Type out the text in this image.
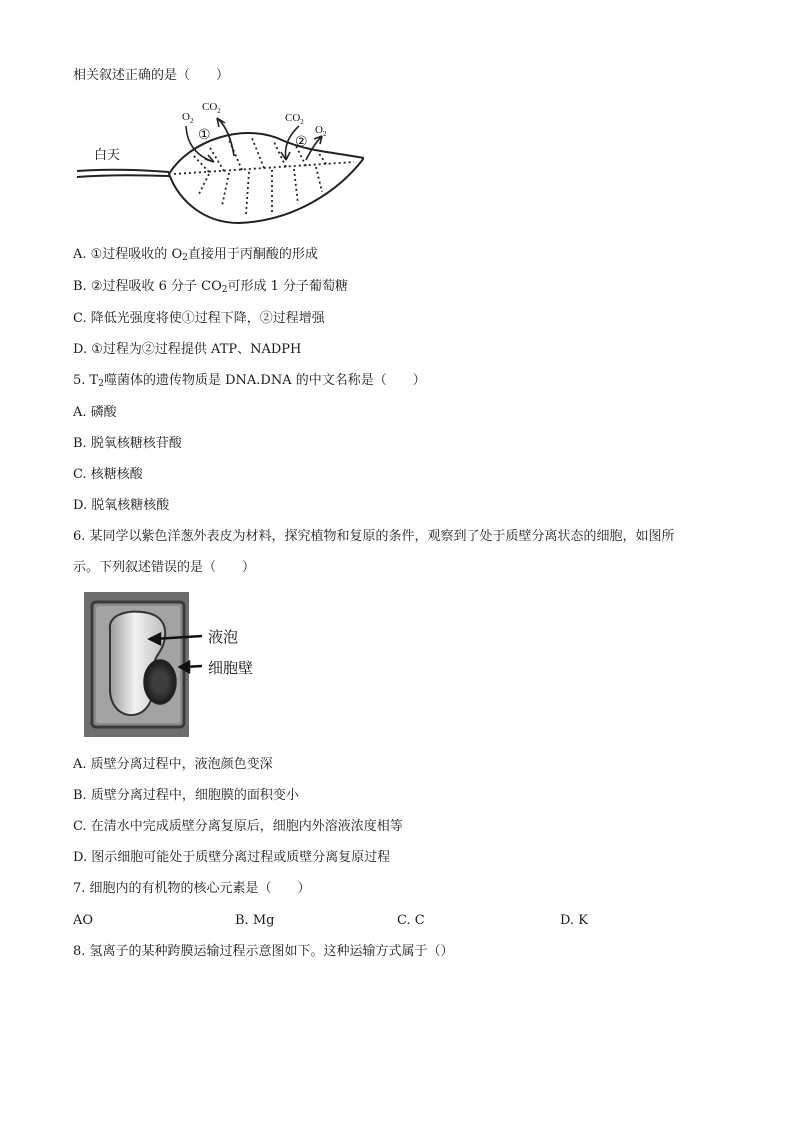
相关叙述正确的是（　　）
$O_2$
$CO_2$
$CO_2$
$O_2$
①	②
白天
A. ①过程吸收的 $O_2$直接用于丙酮酸的形成
B. ②过程吸收 6 分子 $CO_2$可形成 1 分子葡萄糖
C. 降低光强度将使①过程下降，②过程增强
D. ①过程为②过程提供 ATP、NADPH
5. $T_2$噬菌体的遗传物质是 DNA.DNA 的中文名称是（　　）
A. 磷酸
B. 脱氧核糖核苷酸
C. 核糖核酸
D. 脱氧核糖核酸
6. 某同学以紫色洋葱外表皮为材料，探究植物和复原的条件，观察到了处于质壁分离状态的细胞，如图所
示。下列叙述错误的是（　　）
液泡
细胞壁
A. 质壁分离过程中，液泡颜色变深
B. 质壁分离过程中，细胞膜的面积变小
C. 在清水中完成质壁分离复原后，细胞内外溶液浓度相等
D. 图示细胞可能处于质壁分离过程或质壁分离复原过程
7. 细胞内的有机物的核心元素是（　　）
AO	B. Mg	C. C	D. K
8. 氢离子的某种跨膜运输过程示意图如下。这种运输方式属于（）
